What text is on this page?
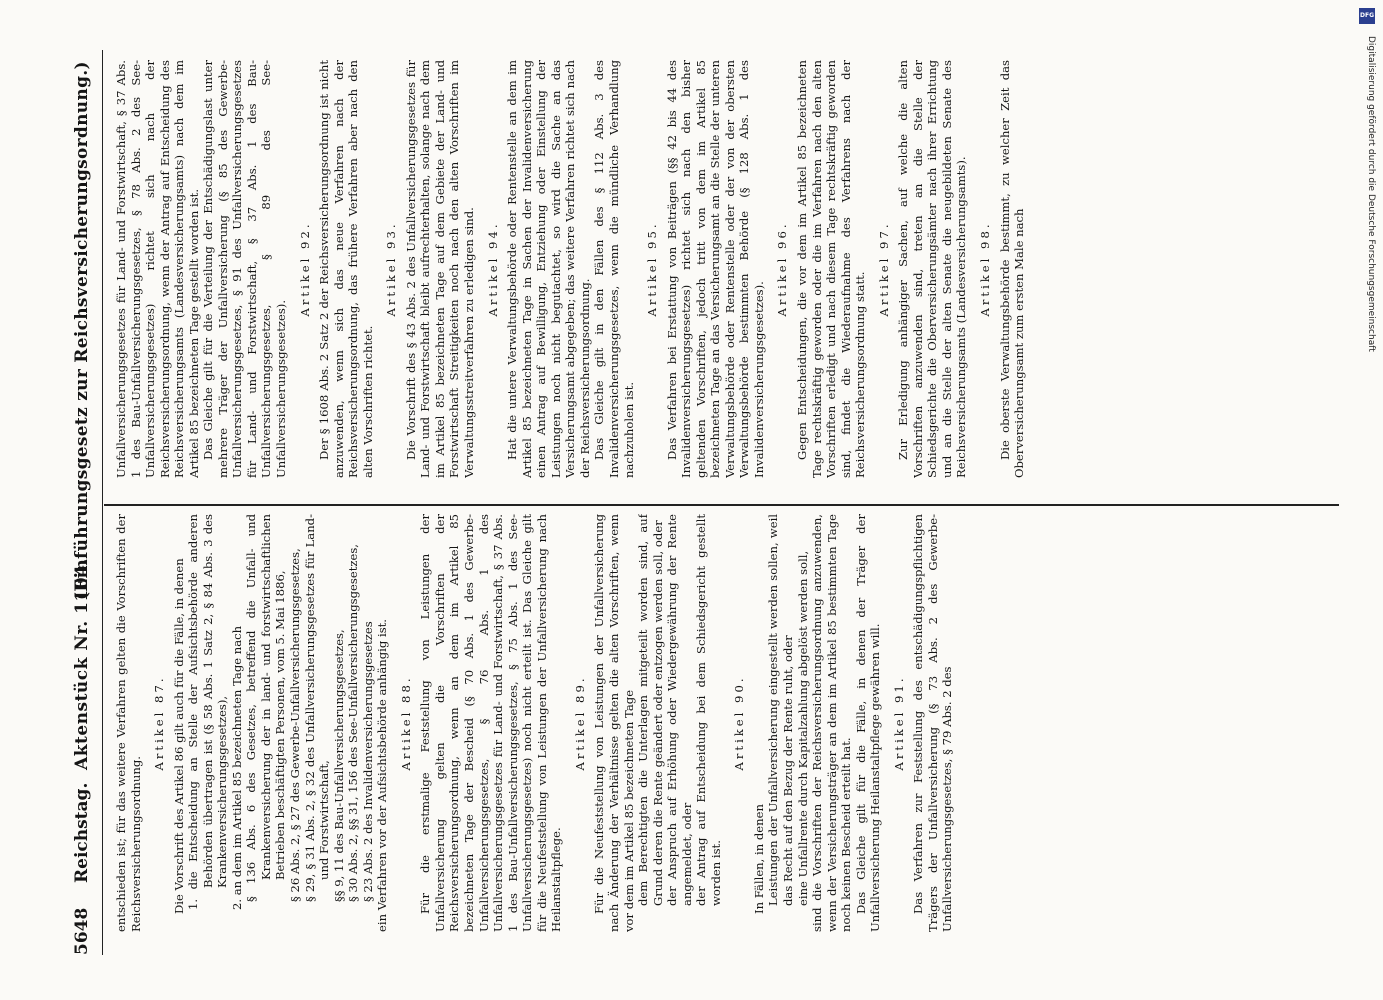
5648
Reichstag.
Aktenstück Nr. 1104.
(Einführungsgesetz zur Reichsversicherungsordnung.)

entschieden ist; für das weitere Verfahren gelten die Vorschriften der Reichsversicherungsordnung.

Artikel 87. Die Vorschrift des Artikel 86 gilt auch für die Fälle, in denen 1. die Entscheidung an Stelle der Aufsichtsbehörde anderen Behörden übertragen ist (§ 58 Abs. 1 Satz 2, § 84 Abs. 3 des Krankenversicherungsgesetzes), 2. an dem im Artikel 85 bezeichneten Tage nach § 136 Abs. 6 des Gesetzes, betreffend die Unfall- und Krankenversicherung der in land- und forstwirtschaftlichen Betrieben beschäftigten Personen, vom 5. Mai 1886, § 26 Abs. 2, § 27 des Gewerbe-Unfallversicherungsgesetzes, § 29, § 31 Abs. 2, § 32 des Unfallversicherungsgesetzes für Land- und Forstwirtschaft, §§ 9, 11 des Bau-Unfallversicherungsgesetzes, § 30 Abs. 2, §§ 31, 156 des See-Unfallversicherungsgesetzes, § 23 Abs. 2 des Invalidenversicherungsgesetzes ein Verfahren vor der Aufsichtsbehörde anhängig ist. Artikel 88. Für die erstmalige Feststellung von Leistungen der Unfallversicherung gelten die Vorschriften der Reichsversicherungsordnung, wenn an dem im Artikel 85 bezeichneten Tage der Bescheid (§ 70 Abs. 1 des Gewerbe-Unfallversicherungsgesetzes, § 76 Abs. 1 des Unfallversicherungsgesetzes für Land- und Forstwirtschaft, § 37 Abs. 1 des Bau-Unfallversicherungsgesetzes, § 75 Abs. 1 des See-Unfallversicherungsgesetzes) noch nicht erteilt ist. Das Gleiche gilt für die Neufeststellung von Leistungen der Unfallversicherung nach Heilanstaltpflege.

Artikel 89. Für die Neufeststellung von Leistungen der Unfallversicherung nach Änderung der Verhältnisse gelten die alten Vorschriften, wenn vor dem im Artikel 85 bezeichneten Tage dem Berechtigten die Unterlagen mitgeteilt worden sind, auf Grund deren die Rente geändert oder entzogen werden soll, oder der Anspruch auf Erhöhung oder Wiedergewährung der Rente angemeldet, oder der Antrag auf Entscheidung bei dem Schiedsgericht gestellt worden ist.

Artikel 90.

In Fällen, in denen Leistungen der Unfallversicherung eingestellt werden sollen, weil das Recht auf den Bezug der Rente ruht, oder eine Unfallrente durch Kapitalzahlung abgelöst werden soll, sind die Vorschriften der Reichsversicherungsordnung anzuwenden, wenn der Versicherungsträger an dem im Artikel 85 bestimmten Tage noch keinen Bescheid erteilt hat. Das Gleiche gilt für die Fälle, in denen der Träger der Unfallversicherung Heilanstaltpflege gewähren will. Artikel 91. Das Verfahren zur Feststellung des entschädigungspflichtigen Trägers der Unfallversicherung (§ 73 Abs. 2 des Gewerbe-Unfallversicherungsgesetzes, § 79 Abs. 2 des

Unfallversicherungsgesetzes für Land- und Forstwirtschaft, § 37 Abs. 1 des Bau-Unfallversicherungsgesetzes, § 78 Abs. 2 des See-Unfallversicherungsgesetzes) richtet sich nach der Reichsversicherungsordnung, wenn der Antrag auf Entscheidung des Reichsversicherungsamts (Landesversicherungsamts) nach dem im Artikel 85 bezeichneten Tage gestellt worden ist. Das Gleiche gilt für die Verteilung der Entschädigungslast unter mehrere Träger der Unfallversicherung (§ 85 des Gewerbe-Unfallversicherungsgesetzes, § 91 des Unfallversicherungsgesetzes für Land- und Forstwirtschaft, § 37 Abs. 1 des Bau-Unfallversicherungsgesetzes, § 89 des See-Unfallversicherungsgesetzes).

Artikel 92. Der § 1608 Abs. 2 Satz 2 der Reichsversicherungsordnung ist nicht anzuwenden, wenn sich das neue Verfahren nach der Reichsversicherungsordnung, das frühere Verfahren aber nach den alten Vorschriften richtet.

Artikel 93. Die Vorschrift des § 43 Abs. 2 des Unfallversicherungsgesetzes für Land- und Forstwirtschaft bleibt aufrechterhalten, solange nach dem im Artikel 85 bezeichneten Tage auf dem Gebiete der Land- und Forstwirtschaft Streitigkeiten noch nach den alten Vorschriften im Verwaltungsstreitverfahren zu erledigen sind. Artikel 94. Hat die untere Verwaltungsbehörde oder Rentenstelle an dem im Artikel 85 bezeichneten Tage in Sachen der Invalidenversicherung einen Antrag auf Bewilligung, Entziehung oder Einstellung der Leistungen noch nicht begutachtet, so wird die Sache an das Versicherungsamt abgegeben; das weitere Verfahren richtet sich nach der Reichsversicherungsordnung. Das Gleiche gilt in den Fällen des § 112 Abs. 3 des Invalidenversicherungsgesetzes, wenn die mündliche Verhandlung nachzuholen ist.

Artikel 95. Das Verfahren bei Erstattung von Beiträgen (§§ 42 bis 44 des Invalidenversicherungsgesetzes) richtet sich nach den bisher geltenden Vorschriften, jedoch tritt von dem im Artikel 85 bezeichneten Tage an das Versicherungsamt an die Stelle der unteren Verwaltungsbehörde oder Rentenstelle oder der von der obersten Verwaltungsbehörde bestimmten Behörde (§ 128 Abs. 1 des Invalidenversicherungsgesetzes).

Artikel 96. Gegen Entscheidungen, die vor dem im Artikel 85 bezeichneten Tage rechtskräftig geworden oder die im Verfahren nach den alten Vorschriften erledigt und nach diesem Tage rechtskräftig geworden sind, findet die Wiederaufnahme des Verfahrens nach der Reichsversicherungsordnung statt.

Artikel 97. Zur Erledigung anhängiger Sachen, auf welche die alten Vorschriften anzuwenden sind, treten an die Stelle der Schiedsgerichte die Oberversicherungsämter nach ihrer Errichtung und an die Stelle der alten Senate die neugebildeten Senate des Reichsversicherungsamts (Landesversicherungsamts). Artikel 98. Die oberste Verwaltungsbehörde bestimmt, zu welcher Zeit das Oberversicherungsamt zum ersten Male nach

DFG
Digitalisierung gefördert durch die Deutsche Forschungsgemeinschaft
